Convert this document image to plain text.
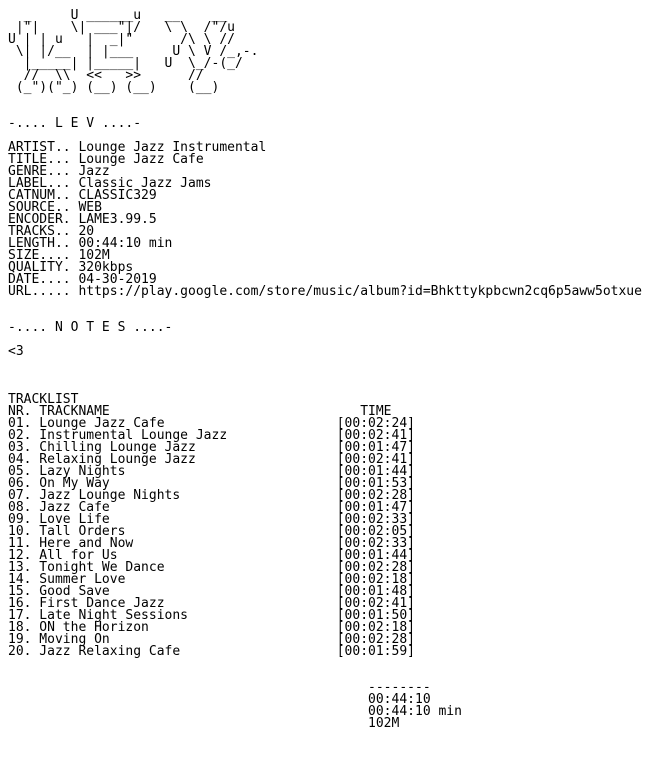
_     U ______u   __    __
|"|    \| ___"|/   \ \  /"/u
U | | u   |  _|"      /\ \ //
\| |/__  | |___     U \ V /_,-.
|_____| |_____|   U  \_/-(_/
//  \\  <<   >>      //
(_")("_) (__) (__)    (__)
-.... L E V ....-
ARTIST.. Lounge Jazz Instrumental
TITLE... Lounge Jazz Cafe
GENRE... Jazz
LABEL... Classic Jazz Jams
CATNUM.. CLASSIC329
SOURCE.. WEB
ENCODER. LAME3.99.5
TRACKS.. 20
LENGTH.. 00:44:10 min
SIZE.... 102M
QUALITY. 320kbps
DATE.... 04-30-2019
URL..... https://play.google.com/store/music/album?id=Bhkttykpbcwn2cq6p5aww5otxue
-.... N O T E S ....-
<3
TRACKLIST
NR. TRACKNAME                                TIME
01. Lounge Jazz Cafe                      [00:02:24]
02. Instrumental Lounge Jazz              [00:02:41]
03. Chilling Lounge Jazz                  [00:01:47]
04. Relaxing Lounge Jazz                  [00:02:41]
05. Lazy Nights                           [00:01:44]
06. On My Way                             [00:01:53]
07. Jazz Lounge Nights                    [00:02:28]
08. Jazz Cafe                             [00:01:47]
09. Love Life                             [00:02:33]
10. Tall Orders                           [00:02:05]
11. Here and Now                          [00:02:33]
12. All for Us                            [00:01:44]
13. Tonight We Dance                      [00:02:28]
14. Summer Love                           [00:02:18]
15. Good Save                             [00:01:48]
16. First Dance Jazz                      [00:02:41]
17. Late Night Sessions                   [00:01:50]
18. ON the Horizon                        [00:02:18]
19. Moving On                             [00:02:28]
20. Jazz Relaxing Cafe                    [00:01:59]
--------
00:44:10
00:44:10 min
102M
